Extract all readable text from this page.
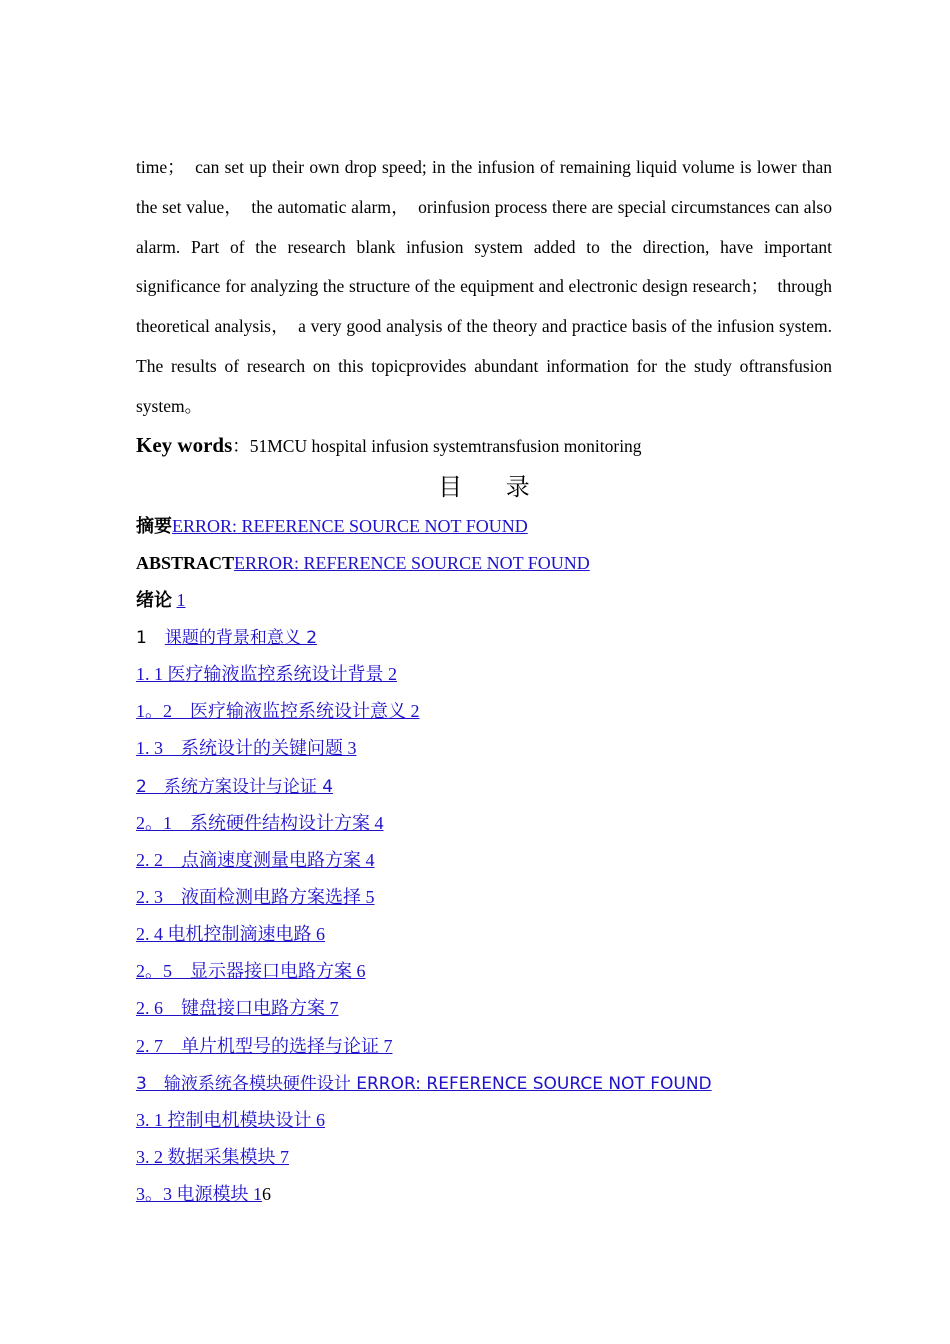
time；　can set up their own drop speed; in the infusion of remaining liquid volume is lower than the set value，　the automatic alarm，　orinfusion process there are special circumstances can also alarm. Part of the research blank infusion system added to the direction, have important significance for analyzing the structure of the equipment and electronic design research；　through theoretical analysis，　a very good analysis of the theory and practice basis of the infusion system. The results of research on this topicprovides abundant information for the study oftransfusion system。

Key words：51MCU hospital infusion systemtransfusion monitoring

目 录
摘要ERROR: REFERENCE SOURCE NOT FOUND
ABSTRACTERROR: REFERENCE SOURCE NOT FOUND
绪论 1
1 课题的背景和意义 2
1. 1 医疗输液监控系统设计背景 2
1。2　医疗输液监控系统设计意义 2
1. 3　系统设计的关键问题 3
2　系统方案设计与论证 4
2。1　系统硬件结构设计方案 4
2. 2　点滴速度测量电路方案 4
2. 3　液面检测电路方案选择 5
2. 4 电机控制滴速电路 6
2。5　显示器接口电路方案 6
2. 6　键盘接口电路方案 7
2. 7　单片机型号的选择与论证 7
3　输液系统各模块硬件设计 ERROR: REFERENCE SOURCE NOT FOUND
3. 1 控制电机模块设计 6
3. 2 数据采集模块 7
3。3 电源模块 16
